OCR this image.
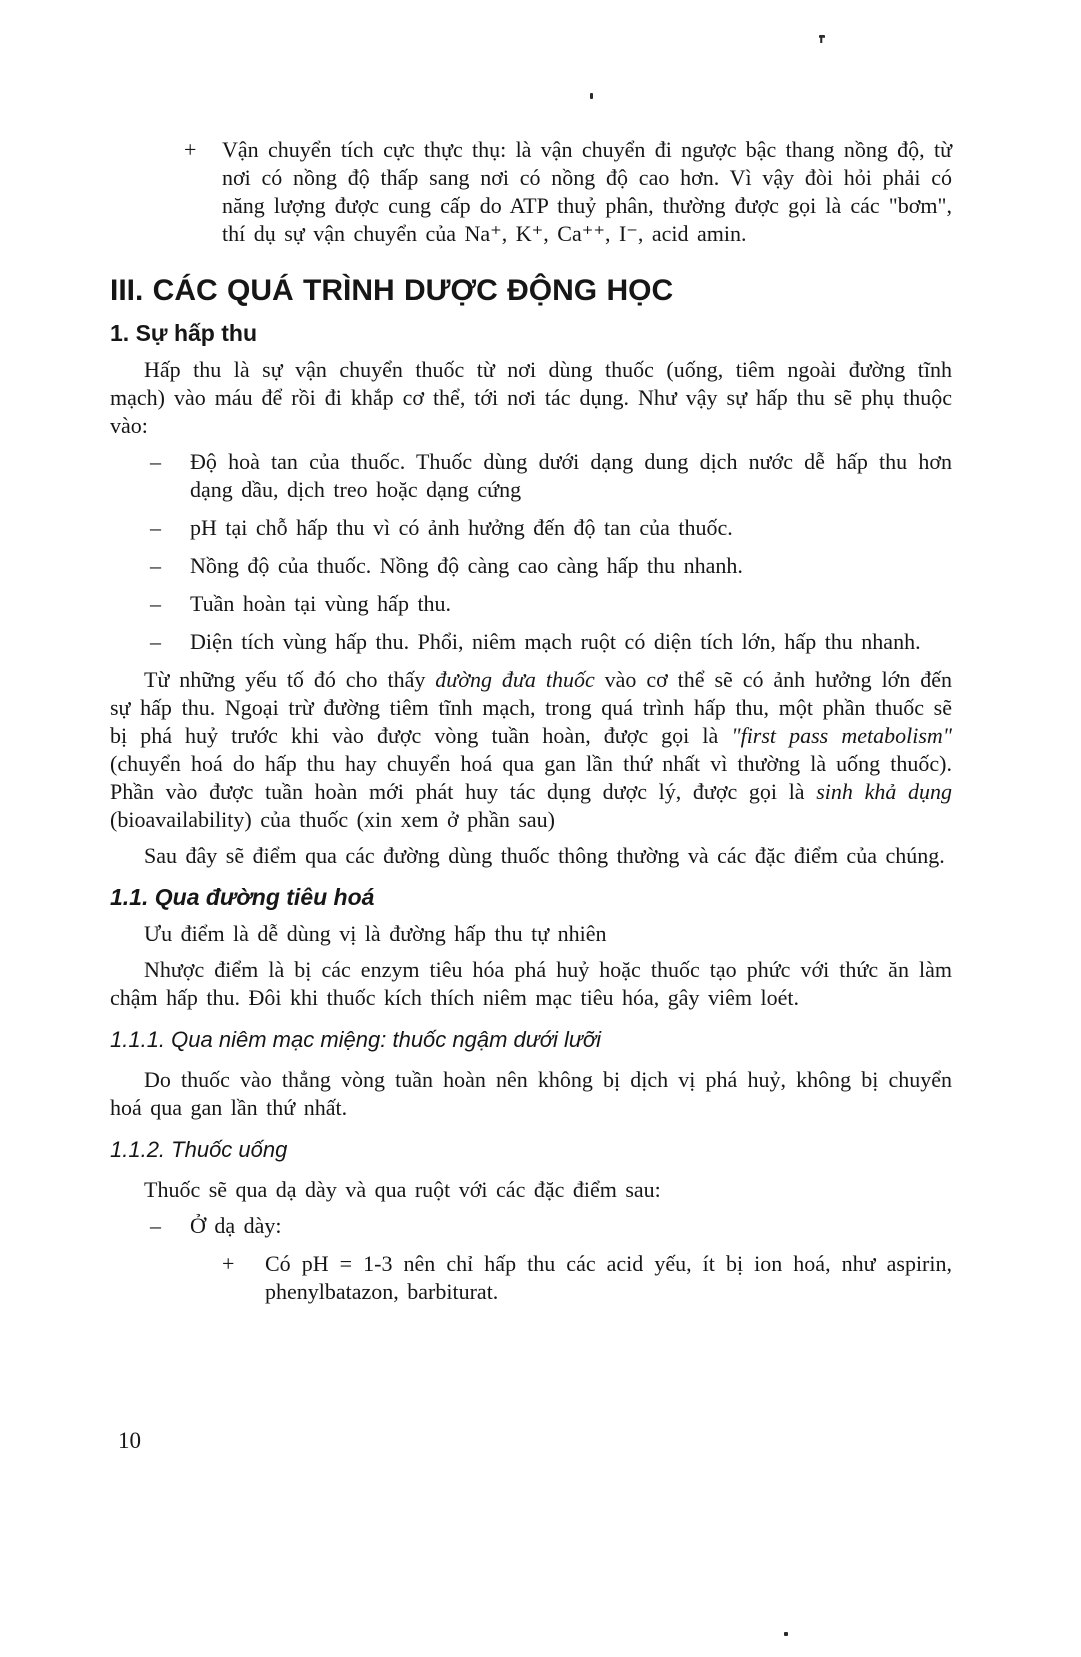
+ Vận chuyển tích cực thực thụ: là vận chuyển đi ngược bậc thang nồng độ, từ nơi có nồng độ thấp sang nơi có nồng độ cao hơn. Vì vậy đòi hỏi phải có năng lượng được cung cấp do ATP thuỷ phân, thường được gọi là các "bơm", thí dụ sự vận chuyển của Na⁺, K⁺, Ca⁺⁺, I⁻, acid amin.
III. CÁC QUÁ TRÌNH DƯỢC ĐỘNG HỌC
1. Sự hấp thu

Hấp thu là sự vận chuyển thuốc từ nơi dùng thuốc (uống, tiêm ngoài đường tĩnh mạch) vào máu để rồi đi khắp cơ thể, tới nơi tác dụng. Như vậy sự hấp thu sẽ phụ thuộc vào:

– Độ hoà tan của thuốc. Thuốc dùng dưới dạng dung dịch nước dễ hấp thu hơn dạng dầu, dịch treo hoặc dạng cứng
– pH tại chỗ hấp thu vì có ảnh hưởng đến độ tan của thuốc.
– Nồng độ của thuốc. Nồng độ càng cao càng hấp thu nhanh.
– Tuần hoàn tại vùng hấp thu.
– Diện tích vùng hấp thu. Phổi, niêm mạch ruột có diện tích lớn, hấp thu nhanh.

Từ những yếu tố đó cho thấy đường đưa thuốc vào cơ thể sẽ có ảnh hưởng lớn đến sự hấp thu. Ngoại trừ đường tiêm tĩnh mạch, trong quá trình hấp thu, một phần thuốc sẽ bị phá huỷ trước khi vào được vòng tuần hoàn, được gọi là "first pass metabolism" (chuyển hoá do hấp thu hay chuyển hoá qua gan lần thứ nhất vì thường là uống thuốc). Phần vào được tuần hoàn mới phát huy tác dụng dược lý, được gọi là sinh khả dụng (bioavailability) của thuốc (xin xem ở phần sau)

Sau đây sẽ điểm qua các đường dùng thuốc thông thường và các đặc điểm của chúng.

1.1. Qua đường tiêu hoá

Ưu điểm là dễ dùng vị là đường hấp thu tự nhiên

Nhược điểm là bị các enzym tiêu hóa phá huỷ hoặc thuốc tạo phức với thức ăn làm chậm hấp thu. Đôi khi thuốc kích thích niêm mạc tiêu hóa, gây viêm loét.

1.1.1. Qua niêm mạc miệng: thuốc ngậm dưới lưỡi

Do thuốc vào thẳng vòng tuần hoàn nên không bị dịch vị phá huỷ, không bị chuyển hoá qua gan lần thứ nhất.

1.1.2. Thuốc uống

Thuốc sẽ qua dạ dày và qua ruột với các đặc điểm sau:

– Ở dạ dày:
+ Có pH = 1-3 nên chỉ hấp thu các acid yếu, ít bị ion hoá, như aspirin, phenylbatazon, barbiturat.
10
